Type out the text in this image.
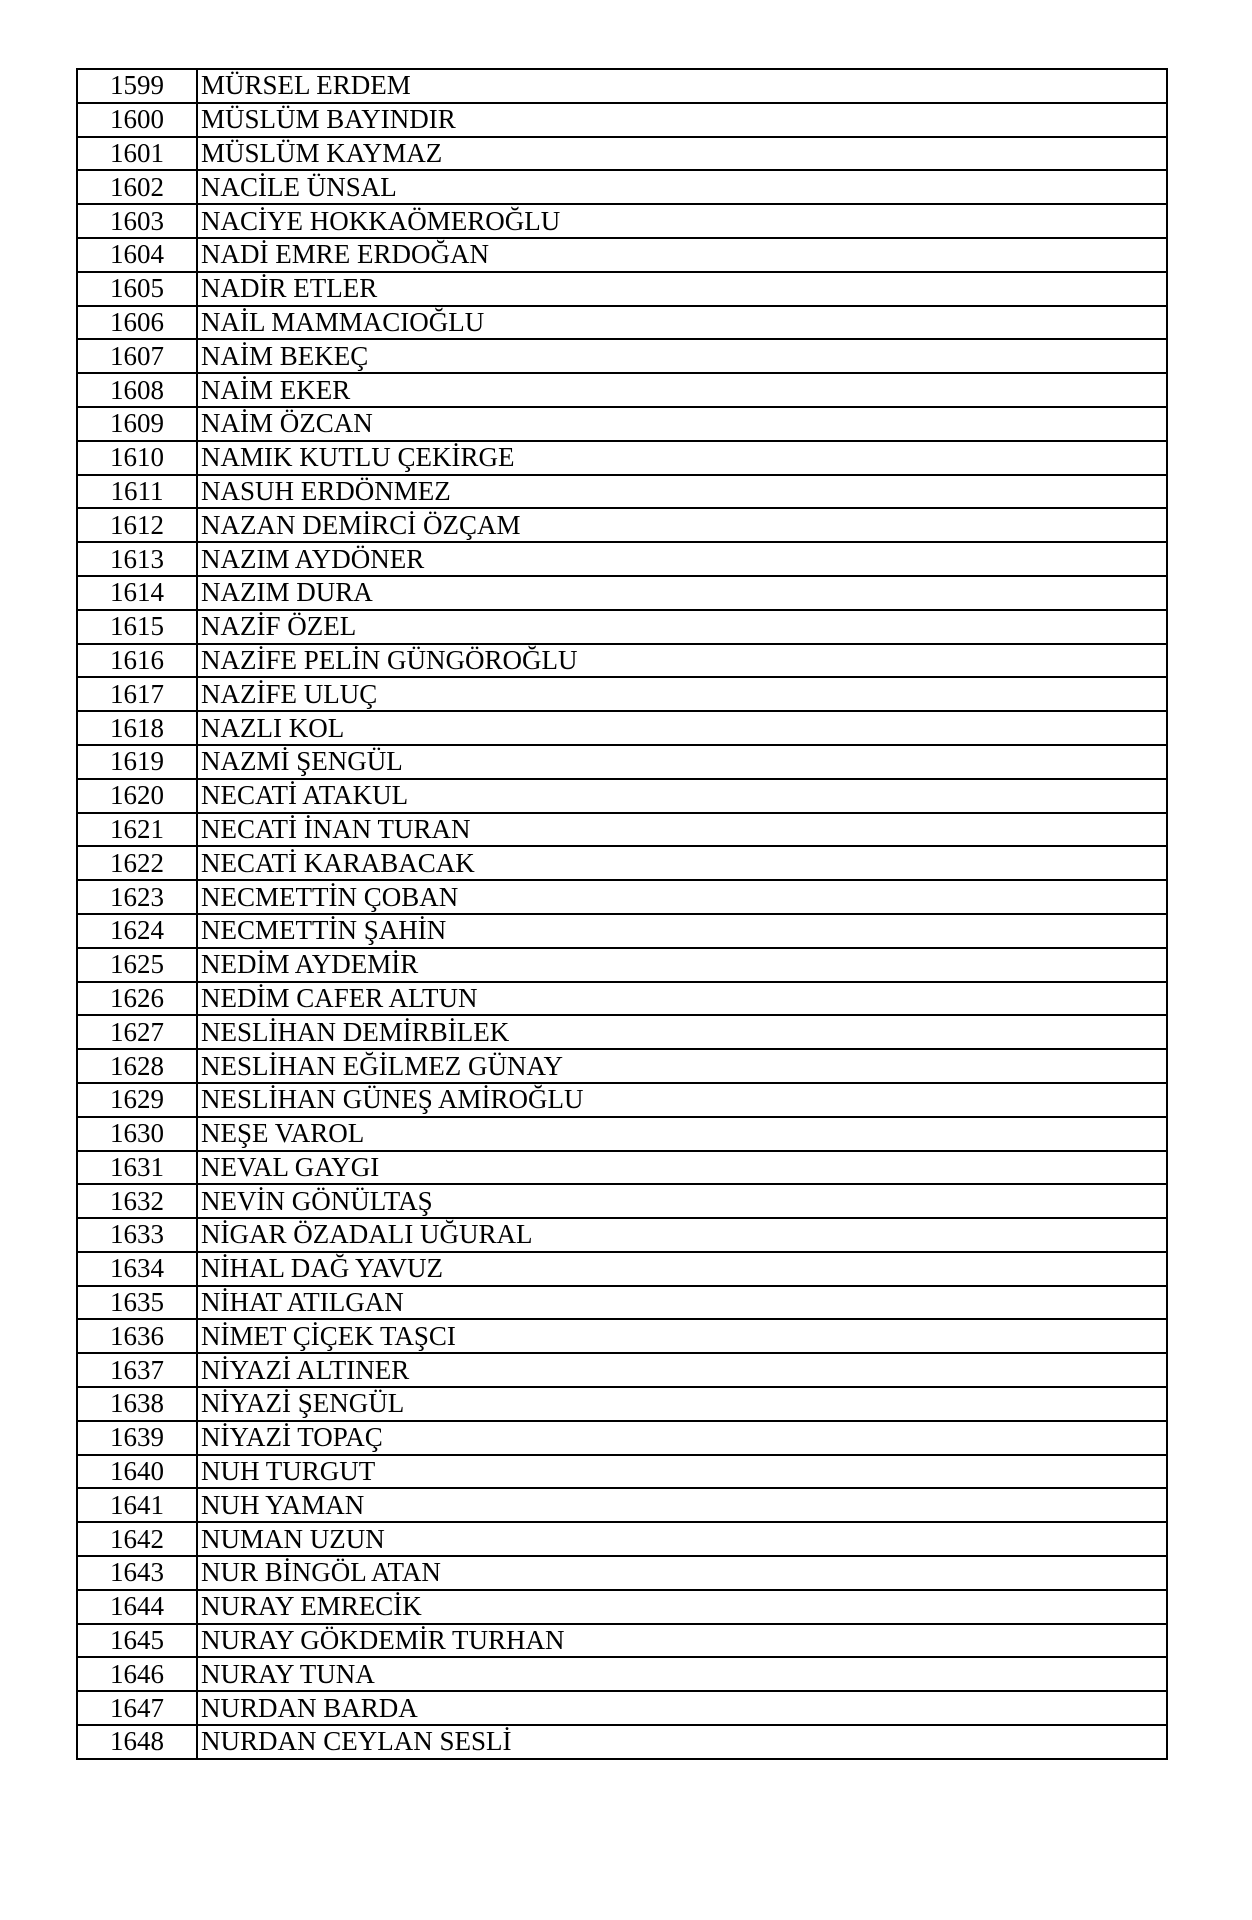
1599	MÜRSEL ERDEM
1600	MÜSLÜM BAYINDIR
1601	MÜSLÜM KAYMAZ
1602	NACİLE ÜNSAL
1603	NACİYE HOKKAÖMEROĞLU
1604	NADİ EMRE ERDOĞAN
1605	NADİR ETLER
1606	NAİL MAMMACIOĞLU
1607	NAİM BEKEÇ
1608	NAİM EKER
1609	NAİM ÖZCAN
1610	NAMIK KUTLU ÇEKİRGE
1611	NASUH ERDÖNMEZ
1612	NAZAN DEMİRCİ ÖZÇAM
1613	NAZIM AYDÖNER
1614	NAZIM DURA
1615	NAZİF ÖZEL
1616	NAZİFE PELİN GÜNGÖROĞLU
1617	NAZİFE ULUÇ
1618	NAZLI KOL
1619	NAZMİ ŞENGÜL
1620	NECATİ ATAKUL
1621	NECATİ İNAN TURAN
1622	NECATİ KARABACAK
1623	NECMETTİN ÇOBAN
1624	NECMETTİN ŞAHİN
1625	NEDİM AYDEMİR
1626	NEDİM CAFER ALTUN
1627	NESLİHAN DEMİRBİLEK
1628	NESLİHAN EĞİLMEZ GÜNAY
1629	NESLİHAN GÜNEŞ AMİROĞLU
1630	NEŞE VAROL
1631	NEVAL GAYGI
1632	NEVİN GÖNÜLTAŞ
1633	NİGAR ÖZADALI UĞURAL
1634	NİHAL DAĞ YAVUZ
1635	NİHAT ATILGAN
1636	NİMET ÇİÇEK TAŞCI
1637	NİYAZİ ALTINER
1638	NİYAZİ ŞENGÜL
1639	NİYAZİ TOPAÇ
1640	NUH TURGUT
1641	NUH YAMAN
1642	NUMAN UZUN
1643	NUR BİNGÖL ATAN
1644	NURAY EMRECİK
1645	NURAY GÖKDEMİR TURHAN
1646	NURAY TUNA
1647	NURDAN BARDA
1648	NURDAN CEYLAN SESLİ
